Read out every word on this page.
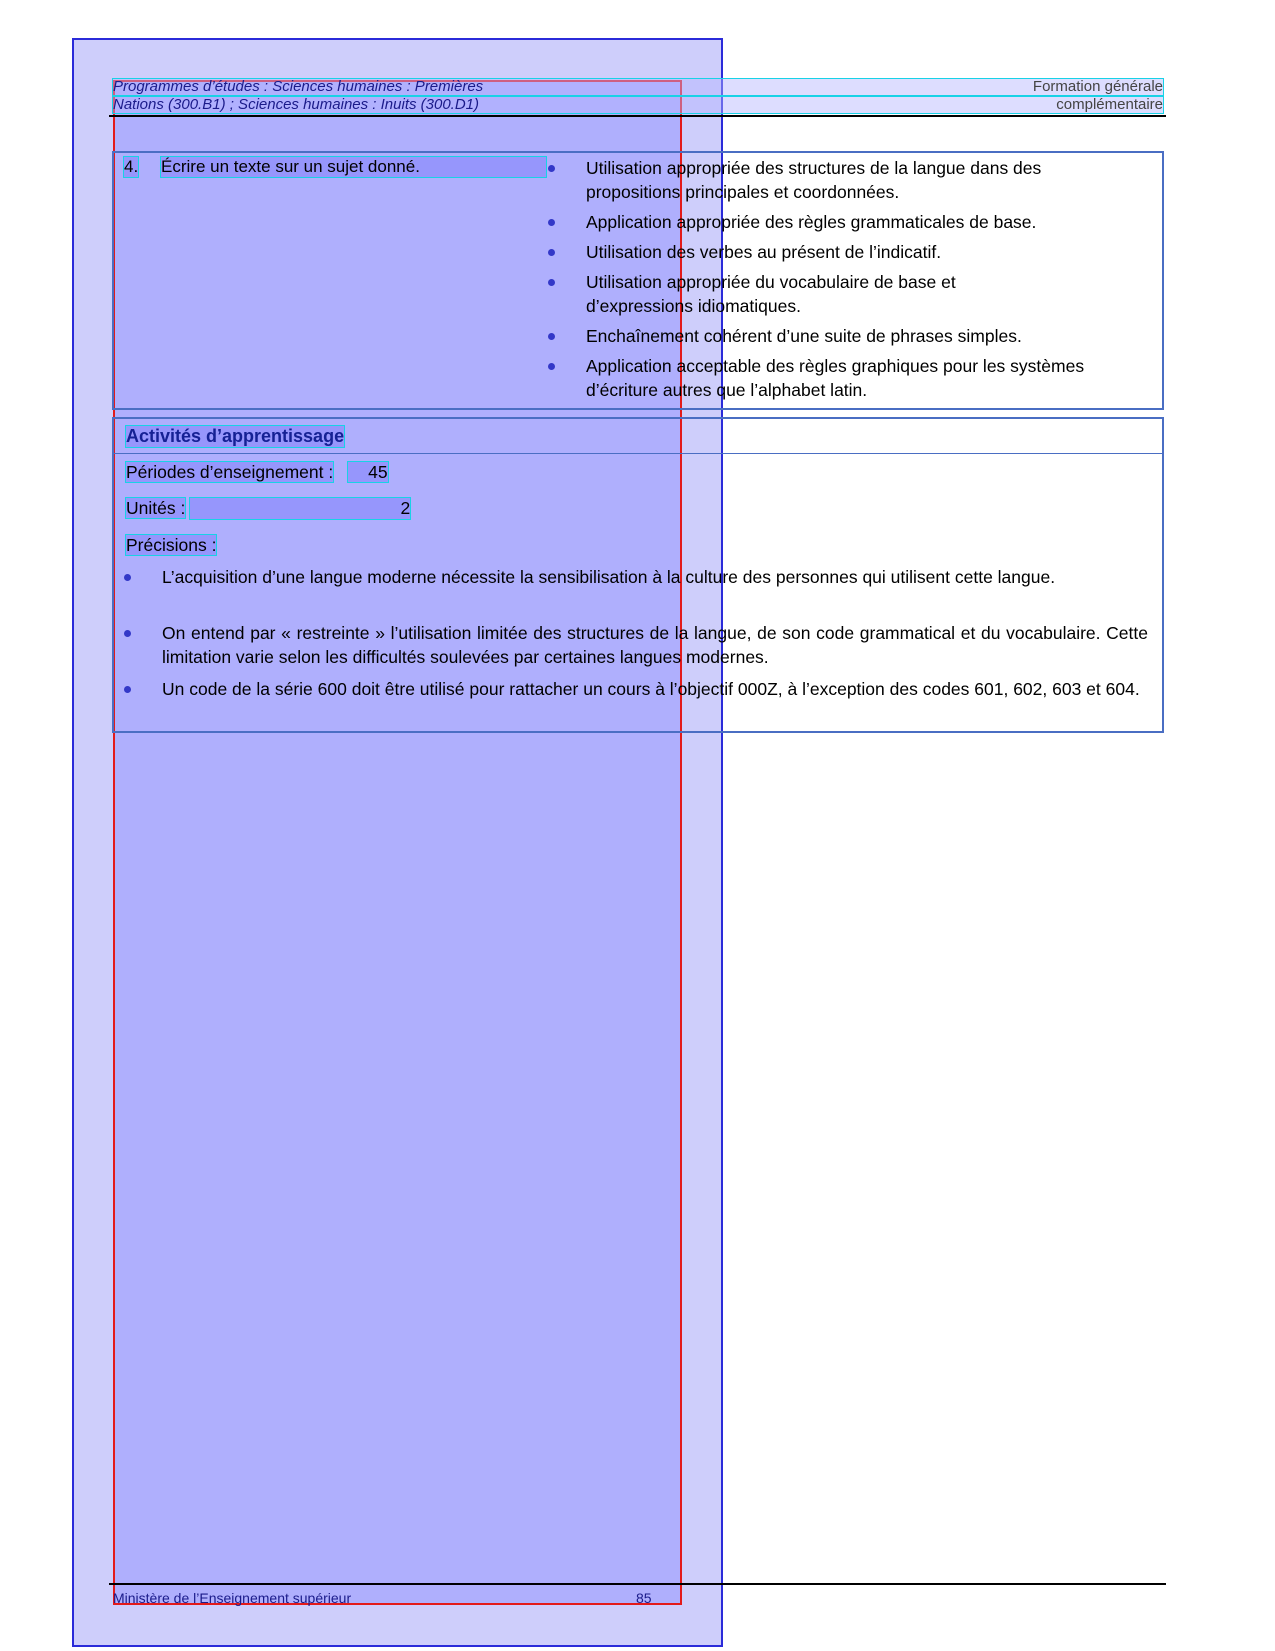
Programmes d’études : Sciences humaines : Premières
Nations (300.B1) ; Sciences humaines : Inuits (300.D1)
Formation générale
complémentaire
4. Écrire un texte sur un sujet donné.	Utilisation appropriée des structures de la langue dans des propositions principales et coordonnées.
Application appropriée des règles grammaticales de base.
Utilisation des verbes au présent de l’indicatif.
Utilisation appropriée du vocabulaire de base et d’expressions idiomatiques.
Enchaînement cohérent d’une suite de phrases simples.
Application acceptable des règles graphiques pour les systèmes d’écriture autres que l’alphabet latin.
Activités d’apprentissage
Périodes d’enseignement : 45
Unités :	2
Précisions :
L’acquisition d’une langue moderne nécessite la sensibilisation à la culture des personnes qui utilisent cette langue.
On entend par « restreinte » l’utilisation limitée des structures de la langue, de son code grammatical et du vocabulaire. Cette limitation varie selon les difficultés soulevées par certaines langues modernes.
Un code de la série 600 doit être utilisé pour rattacher un cours à l’objectif 000Z, à l’exception des codes 601, 602, 603 et 604.
Ministère de l’Enseignement supérieur	85
